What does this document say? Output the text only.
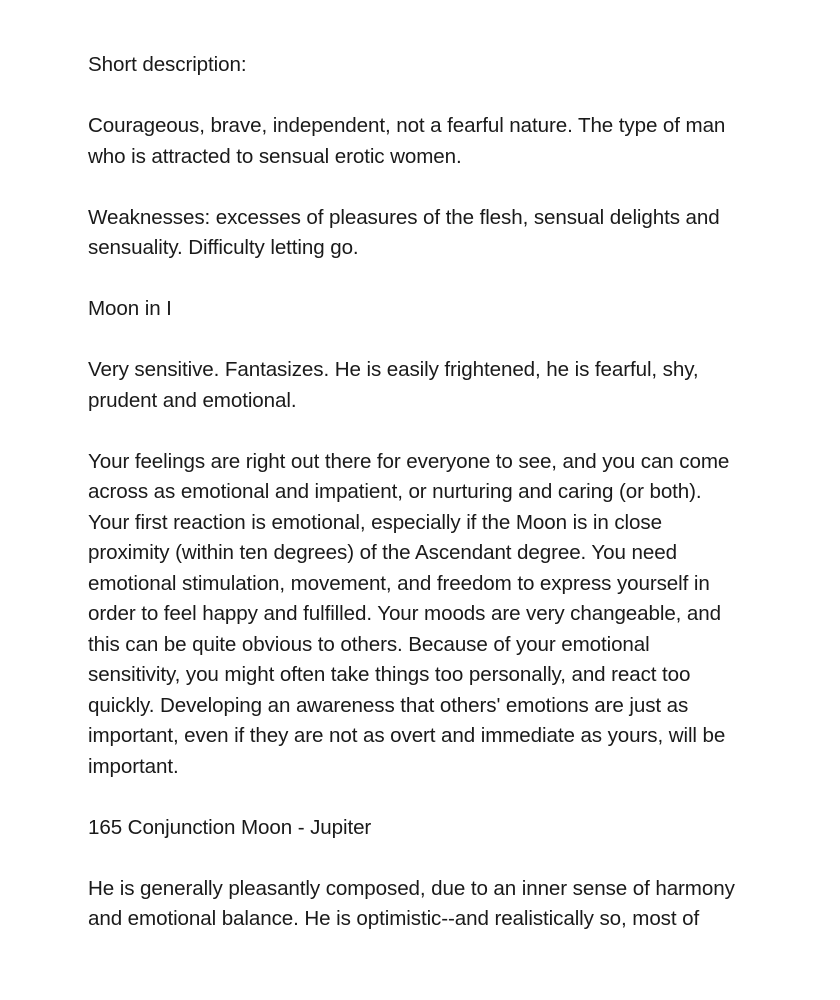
Short description:

Courageous, brave, independent, not a fearful nature. The type of man
who is attracted to sensual erotic women.

Weaknesses: excesses of pleasures of the flesh, sensual delights and
sensuality. Difficulty letting go.

Moon in I

Very sensitive. Fantasizes. He is easily frightened, he is fearful, shy,
prudent and emotional.

Your feelings are right out there for everyone to see, and you can come
across as emotional and impatient, or nurturing and caring (or both).
Your first reaction is emotional, especially if the Moon is in close
proximity (within ten degrees) of the Ascendant degree. You need
emotional stimulation, movement, and freedom to express yourself in
order to feel happy and fulfilled. Your moods are very changeable, and
this can be quite obvious to others. Because of your emotional
sensitivity, you might often take things too personally, and react too
quickly. Developing an awareness that others' emotions are just as
important, even if they are not as overt and immediate as yours, will be
important.

165 Conjunction Moon - Jupiter

He is generally pleasantly composed, due to an inner sense of harmony
and emotional balance. He is optimistic--and realistically so, most of
